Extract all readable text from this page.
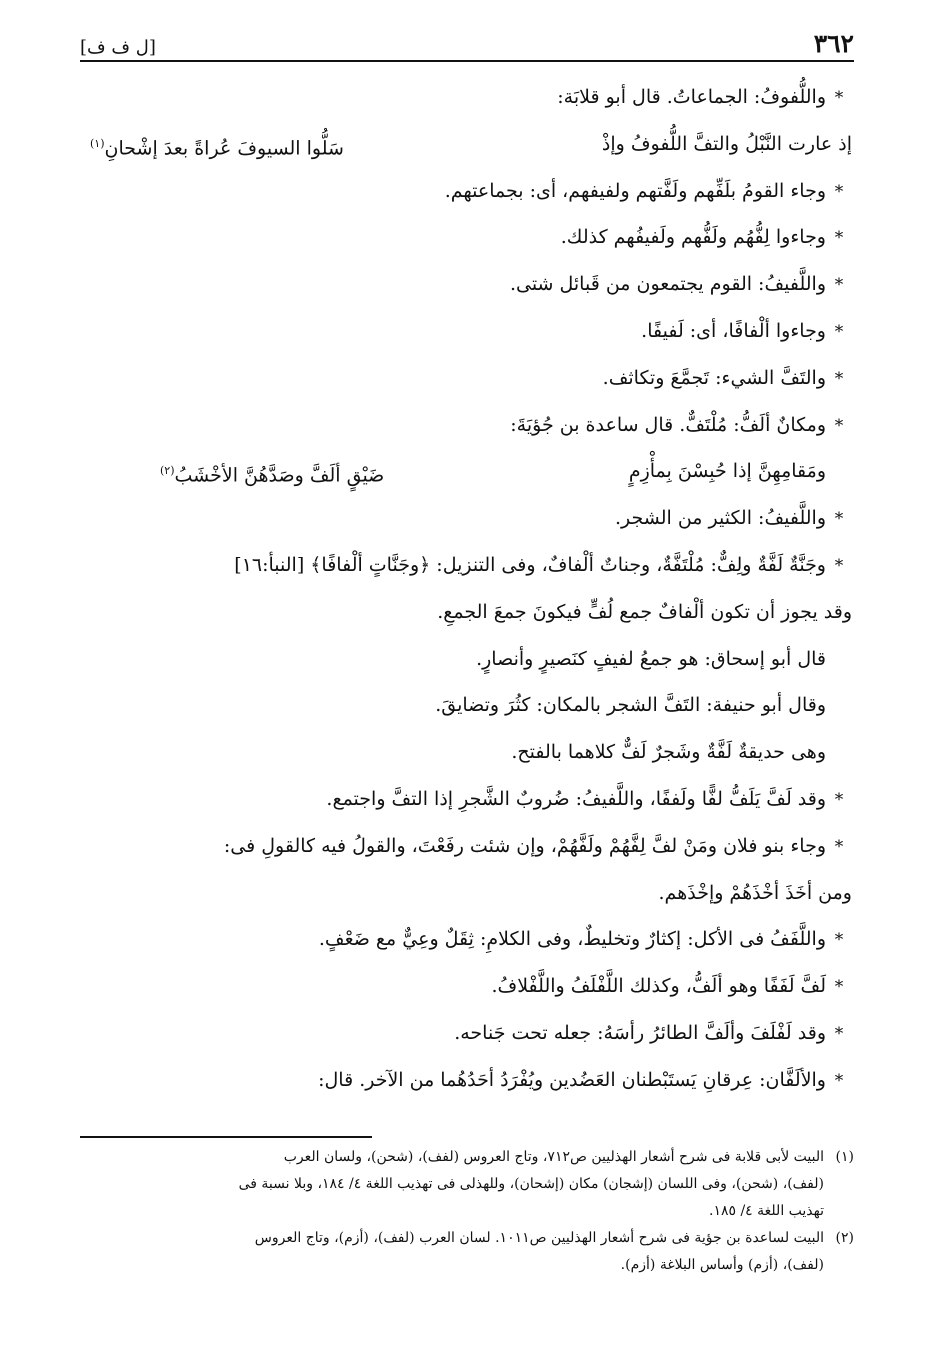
٣٦٢
[ل ف ف]
*واللُّفوفُ: الجماعاتُ. قال أبو قلابَة:
إذ عارت النَّبْلُ والتفَّ اللُّفوفُ وإذْ
سَلُّوا السيوفَ عُراةً بعدَ إشْحانِ$^{(١)}$
*وجاء القومُ بلَفِّهم ولَفَّتهم ولفيفهم، أى: بجماعتهم.
*وجاءوا لِفُّهُم ولَفُّهم ولَفيفُهم كذلك.
*واللَّفيفُ: القوم يجتمعون من قَبائل شتى.
*وجاءوا ألْفافًا، أى: لَفيفًا.
*والتَفَّ الشيء: تَجمَّعَ وتكاثف.
*ومكانٌ ألَفُّ: مُلْتَفٌّ. قال ساعدة بن جُؤيَةَ:
ومَقامِهِنَّ إذا حُبِسْنَ بِمأْزِمٍ
ضَيْقٍ ألَفَّ وصَدَّهُنَّ الأخْشَبُ$^{(٢)}$
*واللَّفيفُ: الكثير من الشجر.
*وجَنَّةٌ لَفَّةٌ ولِفٌّ: مُلْتَفَّةٌ، وجناتٌ ألْفافٌ، وفى التنزيل: ﴿وجَنَّاتٍ ألْفافًا﴾ [النبأ:١٦]
وقد يجوز أن تكون ألْفافٌ جمع لُفٍّ فيكونَ جمعَ الجمعِ.
قال أبو إسحاق: هو جمعُ لفيفٍ كنَصيرٍ وأنصارٍ.
وقال أبو حنيفة: التَفَّ الشجر بالمكان: كثُرَ وتضايقَ.
وهى حديقةٌ لَفَّةٌ وشَجرٌ لَفٌّ كلاهما بالفتح.
*وقد لَفَّ يَلَفُّ لفًّا ولَففًا، واللَّفيفُ: ضُروبٌ الشَّجرِ إذا التفَّ واجتمع.
*وجاء بنو فلان ومَنْ لفَّ لِفَّهُمْ ولَفَّهُمْ، وإن شئت رفَعْتَ، والقولُ فيه كالقولِ فى:
ومن أخَذَ أخْذَهُمْ وإخْذَهم.
*واللَّفَفُ فى الأكل: إكثارٌ وتخليطٌ، وفى الكلامِ: ثِقَلٌ وعِيٌّ مع ضَعْفٍ.
*لَفَّ لَفَفًا وهو ألَفُّ، وكذلك اللَّفْلَفُ واللَّفْلافُ.
*وقد لَفْلَفَ وألَفَّ الطائرُ رأسَهُ: جعله تحت جَناحه.
*والألَفَّان: عِرقانِ يَستَبْطنان العَضُدين ويُفْرَدُ أحَدُهُما من الآخر. قال:
(١)البيت لأبى قلابة فى شرح أشعار الهذليين ص٧١٢، وتاج العروس (لفف)، (شحن)، ولسان العرب
(لفف)، (شحن)، وفى اللسان (إشجان) مكان (إشحان)، وللهذلى فى تهذيب اللغة ٤/ ١٨٤، وبلا نسبة فى
تهذيب اللغة ٤/ ١٨٥.
(٢)البيت لساعدة بن جؤية فى شرح أشعار الهذليين ص١٠١١. لسان العرب (لفف)، (أزم)، وتاج العروس
(لفف)، (أزم) وأساس البلاغة (أزم).
